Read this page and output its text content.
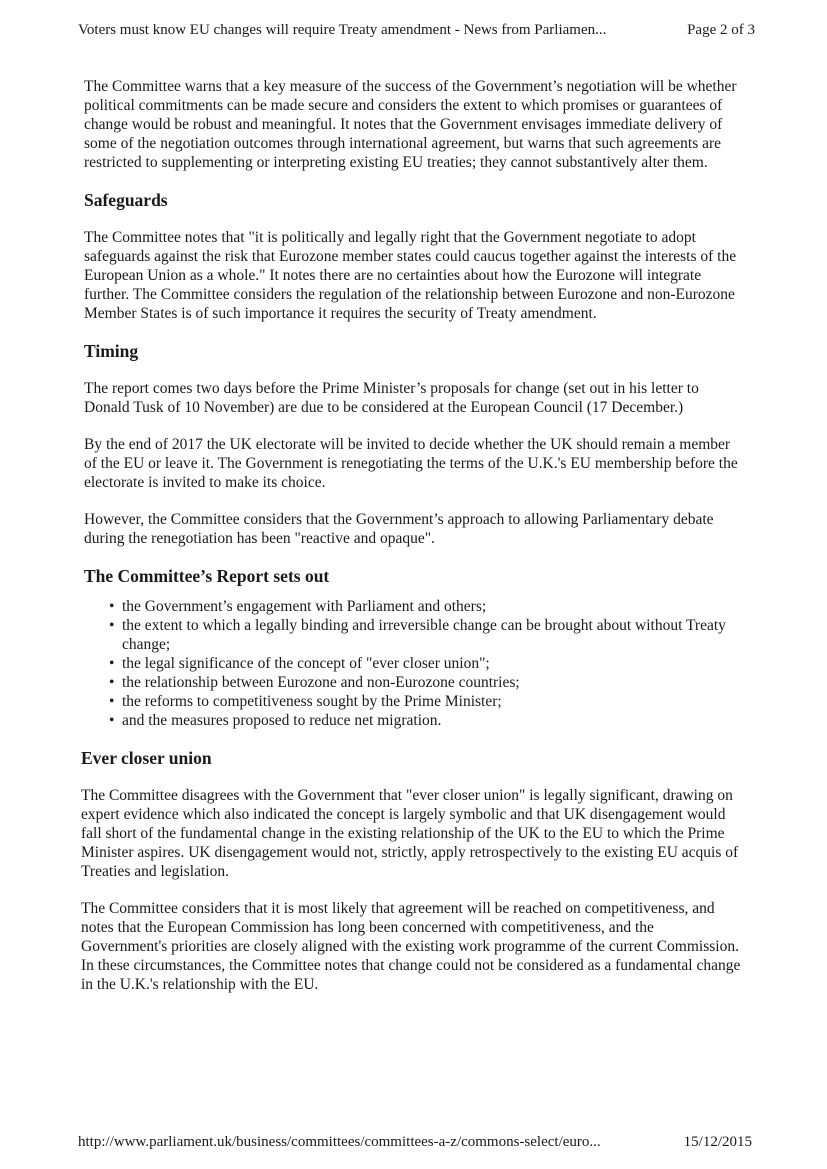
Voters must know EU changes will require Treaty amendment - News from Parliamen...	Page 2 of 3

The Committee warns that a key measure of the success of the Government’s negotiation will be whether political commitments can be made secure and considers the extent to which promises or guarantees of change would be robust and meaningful. It notes that the Government envisages immediate delivery of some of the negotiation outcomes through international agreement, but warns that such agreements are restricted to supplementing or interpreting existing EU treaties; they cannot substantively alter them.

Safeguards

The Committee notes that "it is politically and legally right that the Government negotiate to adopt safeguards against the risk that Eurozone member states could caucus together against the interests of the European Union as a whole." It notes there are no certainties about how the Eurozone will integrate further. The Committee considers the regulation of the relationship between Eurozone and non-Eurozone Member States is of such importance it requires the security of Treaty amendment.

Timing

The report comes two days before the Prime Minister’s proposals for change (set out in his letter to Donald Tusk of 10 November) are due to be considered at the European Council (17 December.)

By the end of 2017 the UK electorate will be invited to decide whether the UK should remain a member of the EU or leave it. The Government is renegotiating the terms of the U.K.'s EU membership before the electorate is invited to make its choice.

However, the Committee considers that the Government’s approach to allowing Parliamentary debate during the renegotiation has been "reactive and opaque".

The Committee’s Report sets out
• the Government’s engagement with Parliament and others;
• the extent to which a legally binding and irreversible change can be brought about without Treaty change;
• the legal significance of the concept of "ever closer union";
• the relationship between Eurozone and non-Eurozone countries;
• the reforms to competitiveness sought by the Prime Minister;
• and the measures proposed to reduce net migration.
Ever closer union

The Committee disagrees with the Government that "ever closer union" is legally significant, drawing on expert evidence which also indicated the concept is largely symbolic and that UK disengagement would fall short of the fundamental change in the existing relationship of the UK to the EU to which the Prime Minister aspires. UK disengagement would not, strictly, apply retrospectively to the existing EU acquis of Treaties and legislation.

The Committee considers that it is most likely that agreement will be reached on competitiveness, and notes that the European Commission has long been concerned with competitiveness, and the Government's priorities are closely aligned with the existing work programme of the current Commission. In these circumstances, the Committee notes that change could not be considered as a fundamental change in the U.K.'s relationship with the EU.

http://www.parliament.uk/business/committees/committees-a-z/commons-select/euro...	15/12/2015
